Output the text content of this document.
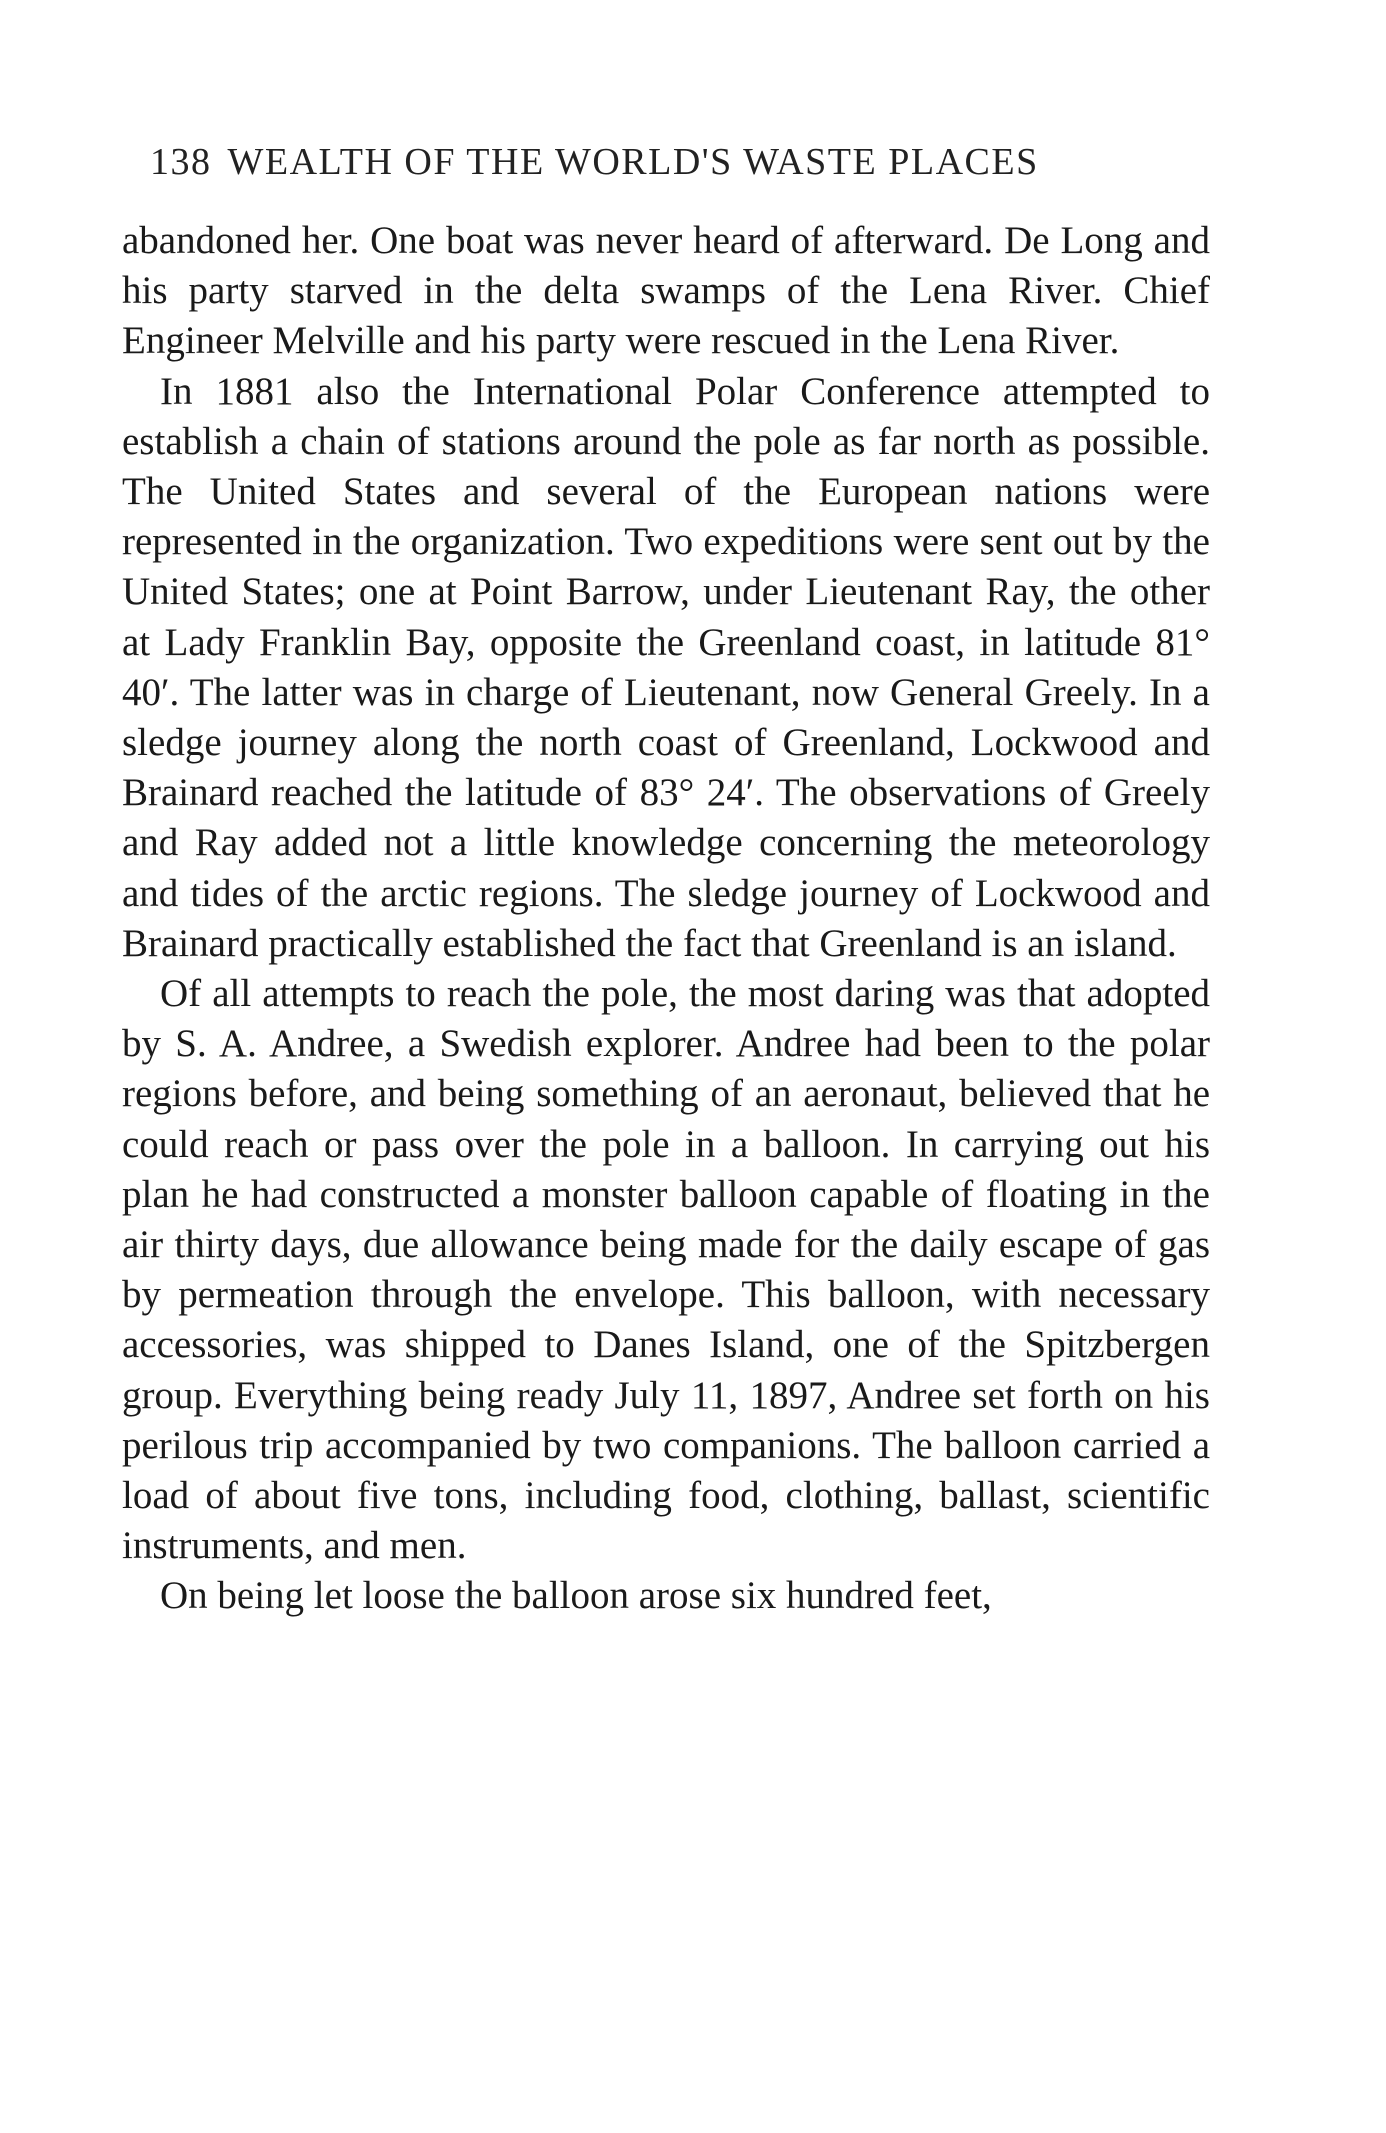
138 WEALTH OF THE WORLD'S WASTE PLACES

abandoned her. One boat was never heard of afterward. De Long and his party starved in the delta swamps of the Lena River. Chief Engineer Melville and his party were rescued in the Lena River.

In 1881 also the International Polar Conference attempted to establish a chain of stations around the pole as far north as possible. The United States and several of the European nations were represented in the organization. Two expeditions were sent out by the United States; one at Point Barrow, under Lieutenant Ray, the other at Lady Franklin Bay, opposite the Greenland coast, in latitude 81° 40′. The latter was in charge of Lieutenant, now General Greely. In a sledge journey along the north coast of Greenland, Lockwood and Brainard reached the latitude of 83° 24′. The observations of Greely and Ray added not a little knowledge concerning the meteorology and tides of the arctic regions. The sledge journey of Lockwood and Brainard practically established the fact that Greenland is an island.

Of all attempts to reach the pole, the most daring was that adopted by S. A. Andree, a Swedish explorer. Andree had been to the polar regions before, and being something of an aeronaut, believed that he could reach or pass over the pole in a balloon. In carrying out his plan he had constructed a monster balloon capable of floating in the air thirty days, due allowance being made for the daily escape of gas by permeation through the envelope. This balloon, with necessary accessories, was shipped to Danes Island, one of the Spitzbergen group. Everything being ready July 11, 1897, Andree set forth on his perilous trip accompanied by two companions. The balloon carried a load of about five tons, including food, clothing, ballast, scientific instruments, and men.

On being let loose the balloon arose six hundred feet,
